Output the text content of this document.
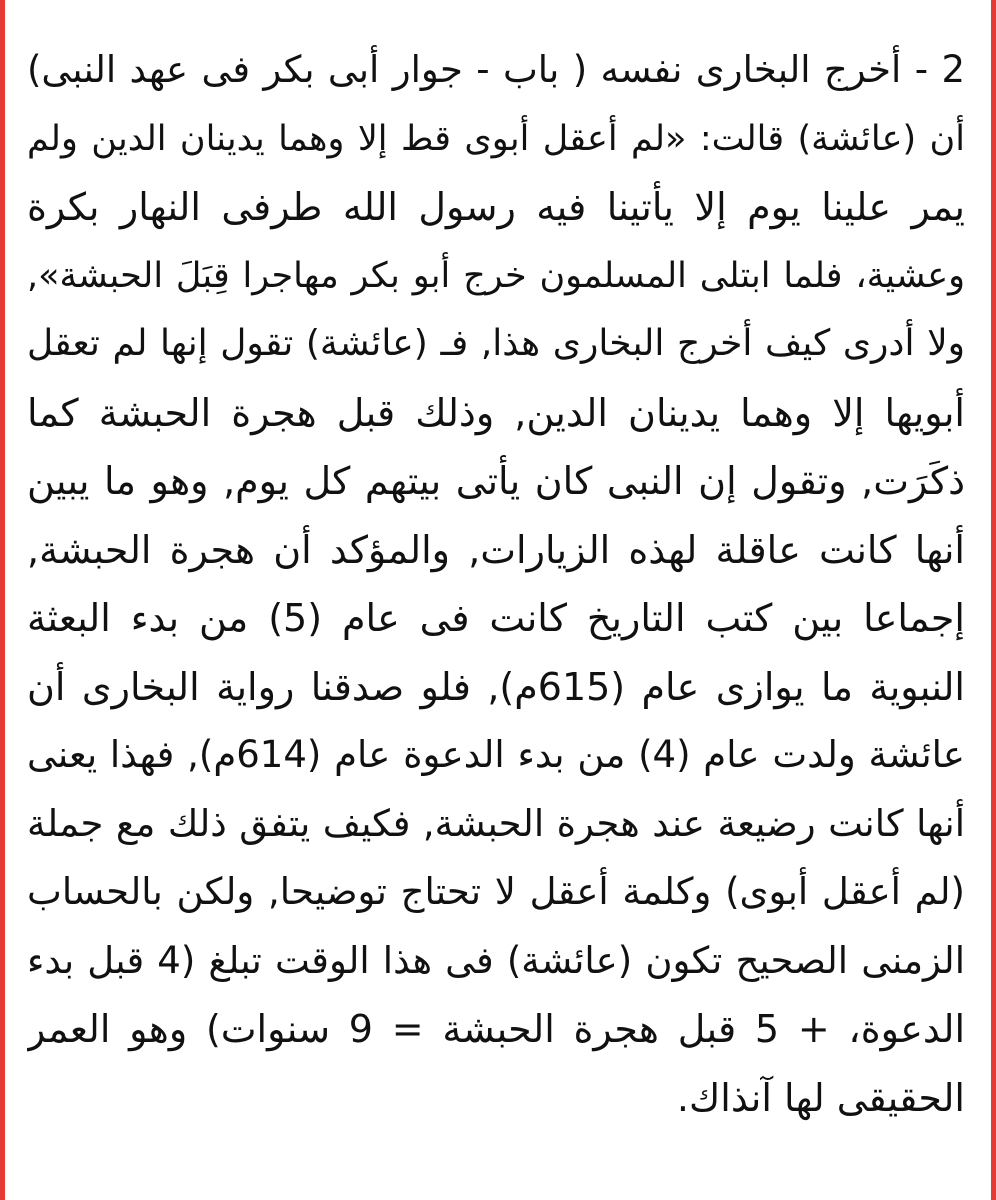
2 - أخرج البخارى نفسه ( باب - جوار أبى بكر فى عهد النبى)
أن (عائشة) قالت: «لم أعقل أبوى قط إلا وهما يدينان الدين ولم
يمر علينا يوم إلا يأتينا فيه رسول الله طرفى النهار بكرة
وعشية، فلما ابتلى المسلمون خرج أبو بكر مهاجرا قِبَلَ الحبشة»,
ولا أدرى كيف أخرج البخارى هذا, فـ (عائشة) تقول إنها لم تعقل
أبويها إلا وهما يدينان الدين, وذلك قبل هجرة الحبشة كما
ذكَرَت, وتقول إن النبى كان يأتى بيتهم كل يوم, وهو ما يبين
أنها كانت عاقلة لهذه الزيارات, والمؤكد أن هجرة الحبشة,
إجماعا بين كتب التاريخ كانت فى عام (5) من بدء البعثة
النبوية ما يوازى عام (615م), فلو صدقنا رواية البخارى أن
عائشة ولدت عام (4) من بدء الدعوة عام (614م), فهذا يعنى
أنها كانت رضيعة عند هجرة الحبشة, فكيف يتفق ذلك مع جملة
(لم أعقل أبوى) وكلمة أعقل لا تحتاج توضيحا, ولكن بالحساب
الزمنى الصحيح تكون (عائشة) فى هذا الوقت تبلغ (4 قبل بدء
الدعوة، + 5 قبل هجرة الحبشة = 9 سنوات) وهو العمر
الحقيقى لها آنذاك.
